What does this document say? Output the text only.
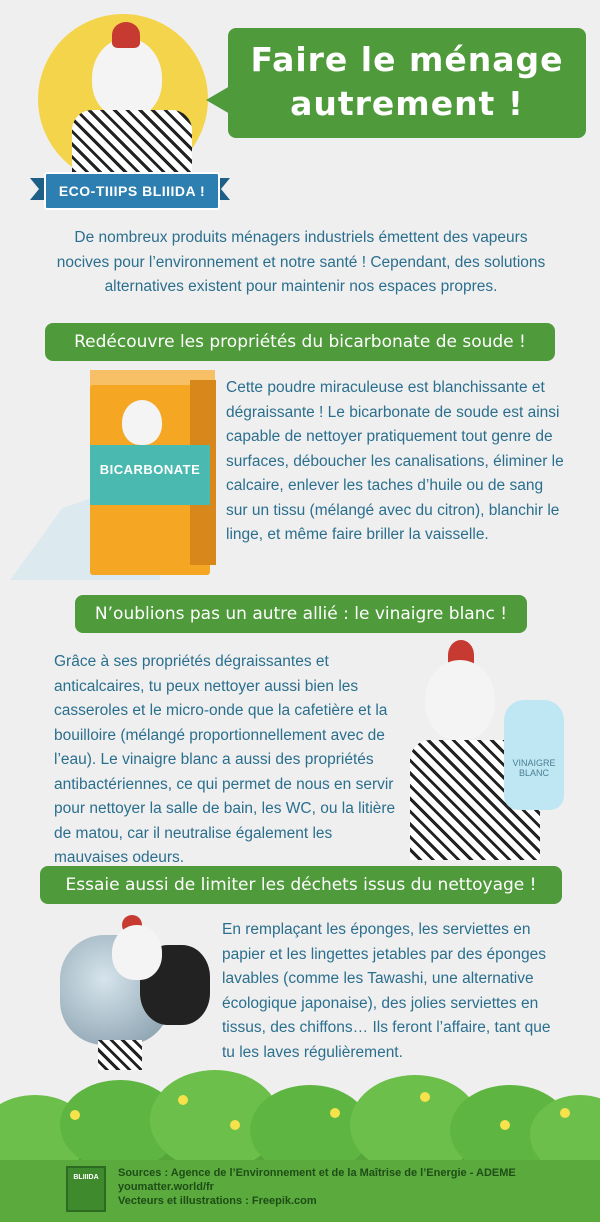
Faire le ménage
autrement !
ECO-TIIIPS BLIIIDA !

De nombreux produits ménagers industriels émettent des vapeurs nocives pour l’environnement et notre santé ! Cependant, des solutions alternatives existent pour maintenir nos espaces propres.

Redécouvre les propriétés du bicarbonate de soude !
BICARBONATE

Cette poudre miraculeuse est blanchissante et dégraissante ! Le bicarbonate de soude est ainsi capable de nettoyer pratiquement tout genre de surfaces, déboucher les canalisations, éliminer le calcaire, enlever les taches d’huile ou de sang sur un tissu (mélangé avec du citron), blanchir le linge, et même faire briller la vaisselle.

N’oublions pas un autre allié : le vinaigre blanc !

Grâce à ses propriétés dégraissantes et anticalcaires, tu peux nettoyer aussi bien les casseroles et le micro-onde que la cafetière et la bouilloire (mélangé proportionnellement avec de l’eau). Le vinaigre blanc a aussi des propriétés antibactériennes, ce qui permet de nous en servir pour nettoyer la salle de bain, les WC, ou la litière de matou, car il neutralise également les mauvaises odeurs.

VINAIGRE BLANC
Essaie aussi de limiter les déchets issus du nettoyage !

En remplaçant les éponges, les serviettes en papier et les lingettes jetables par des éponges lavables (comme les Tawashi, une alternative écologique japonaise), des jolies serviettes en tissus, des chiffons… Ils feront l’affaire, tant que tu les laves régulièrement.

BLIIIDA	Sources : Agence de l’Environnement et de la Maîtrise de l’Energie - ADEME
youmatter.world/fr
Vecteurs et illustrations : Freepik.com
